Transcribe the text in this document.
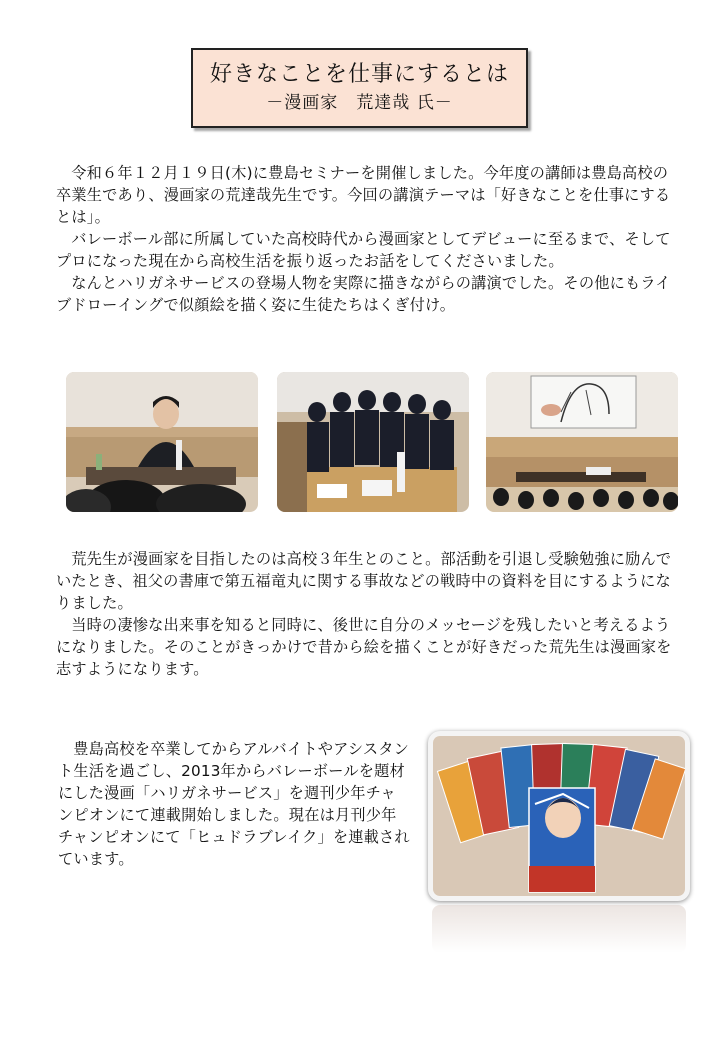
好きなことを仕事にするとは
－漫画家　荒達哉 氏－

令和６年１２月１９日(木)に豊島セミナーを開催しました。今年度の講師は豊島高校の卒業生であり、漫画家の荒達哉先生です。今回の講演テーマは「好きなことを仕事にするとは」。

バレーボール部に所属していた高校時代から漫画家としてデビューに至るまで、そしてプロになった現在から高校生活を振り返ったお話をしてくださいました。

なんとハリガネサービスの登場人物を実際に描きながらの講演でした。その他にもライブドローイングで似顔絵を描く姿に生徒たちはくぎ付け。

荒先生が漫画家を目指したのは高校３年生とのこと。部活動を引退し受験勉強に励んでいたとき、祖父の書庫で第五福竜丸に関する事故などの戦時中の資料を目にするようになりました。

当時の凄惨な出来事を知ると同時に、後世に自分のメッセージを残したいと考えるようになりました。そのことがきっかけで昔から絵を描くことが好きだった荒先生は漫画家を志すようになります。

豊島高校を卒業してからアルバイトやアシスタント生活を過ごし、2013年からバレーボールを題材にした漫画「ハリガネサービス」を週刊少年チャンピオンにて連載開始しました。現在は月刊少年チャンピオンにて「ヒュドラブレイク」を連載されています。
